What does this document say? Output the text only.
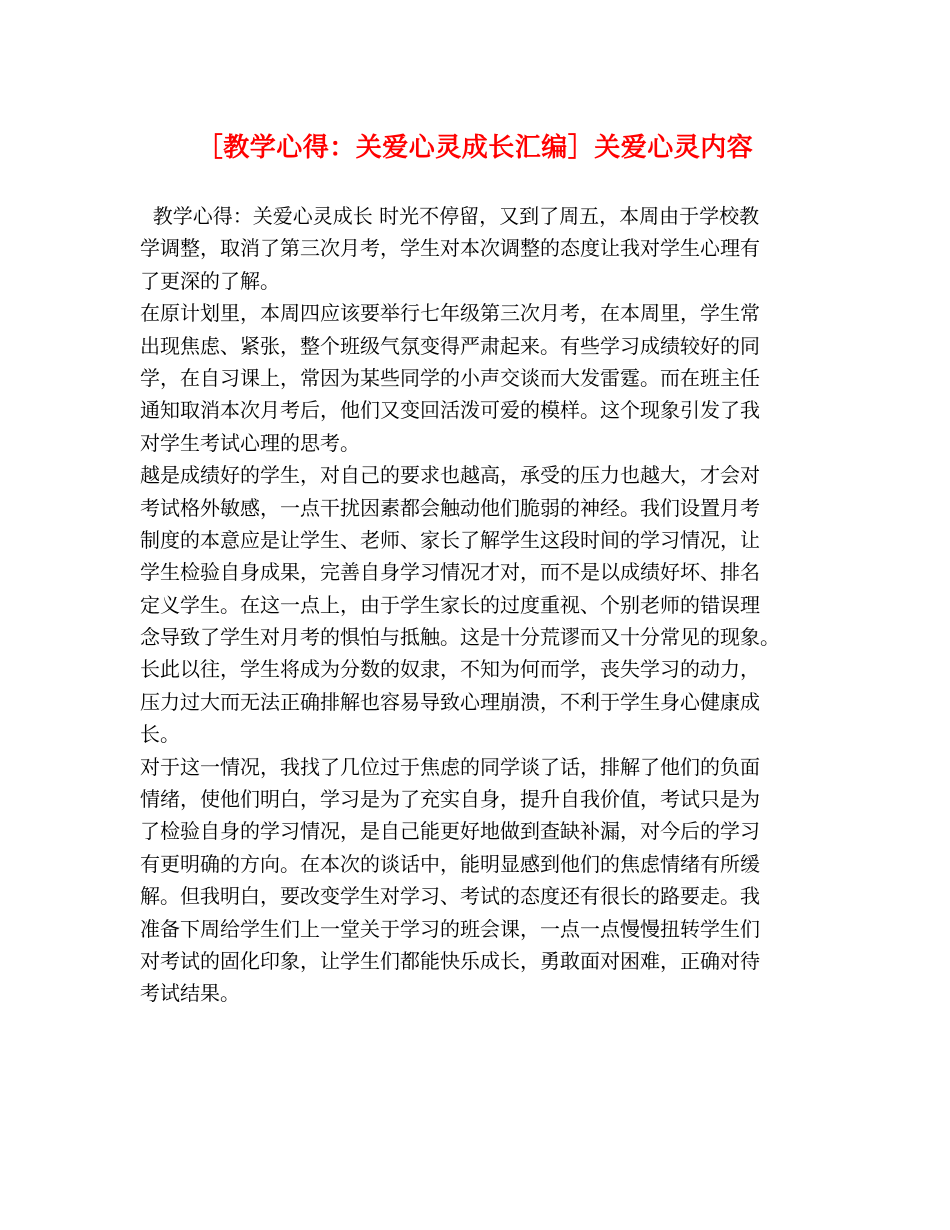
［教学心得：关爱心灵成长汇编］关爱心灵内容
教学心得：关爱心灵成长 时光不停留，又到了周五，本周由于学校教
学调整，取消了第三次月考，学生对本次调整的态度让我对学生心理有
了更深的了解。
在原计划里，本周四应该要举行七年级第三次月考，在本周里，学生常
出现焦虑、紧张，整个班级气氛变得严肃起来。有些学习成绩较好的同
学，在自习课上，常因为某些同学的小声交谈而大发雷霆。而在班主任
通知取消本次月考后，他们又变回活泼可爱的模样。这个现象引发了我
对学生考试心理的思考。
越是成绩好的学生，对自己的要求也越高，承受的压力也越大，才会对
考试格外敏感，一点干扰因素都会触动他们脆弱的神经。我们设置月考
制度的本意应是让学生、老师、家长了解学生这段时间的学习情况，让
学生检验自身成果，完善自身学习情况才对，而不是以成绩好坏、排名
定义学生。在这一点上，由于学生家长的过度重视、个别老师的错误理
念导致了学生对月考的惧怕与抵触。这是十分荒谬而又十分常见的现象。
长此以往，学生将成为分数的奴隶，不知为何而学，丧失学习的动力，
压力过大而无法正确排解也容易导致心理崩溃，不利于学生身心健康成
长。
对于这一情况，我找了几位过于焦虑的同学谈了话，排解了他们的负面
情绪，使他们明白，学习是为了充实自身，提升自我价值，考试只是为
了检验自身的学习情况，是自己能更好地做到查缺补漏，对今后的学习
有更明确的方向。在本次的谈话中，能明显感到他们的焦虑情绪有所缓
解。但我明白，要改变学生对学习、考试的态度还有很长的路要走。我
准备下周给学生们上一堂关于学习的班会课，一点一点慢慢扭转学生们
对考试的固化印象，让学生们都能快乐成长，勇敢面对困难，正确对待
考试结果。
